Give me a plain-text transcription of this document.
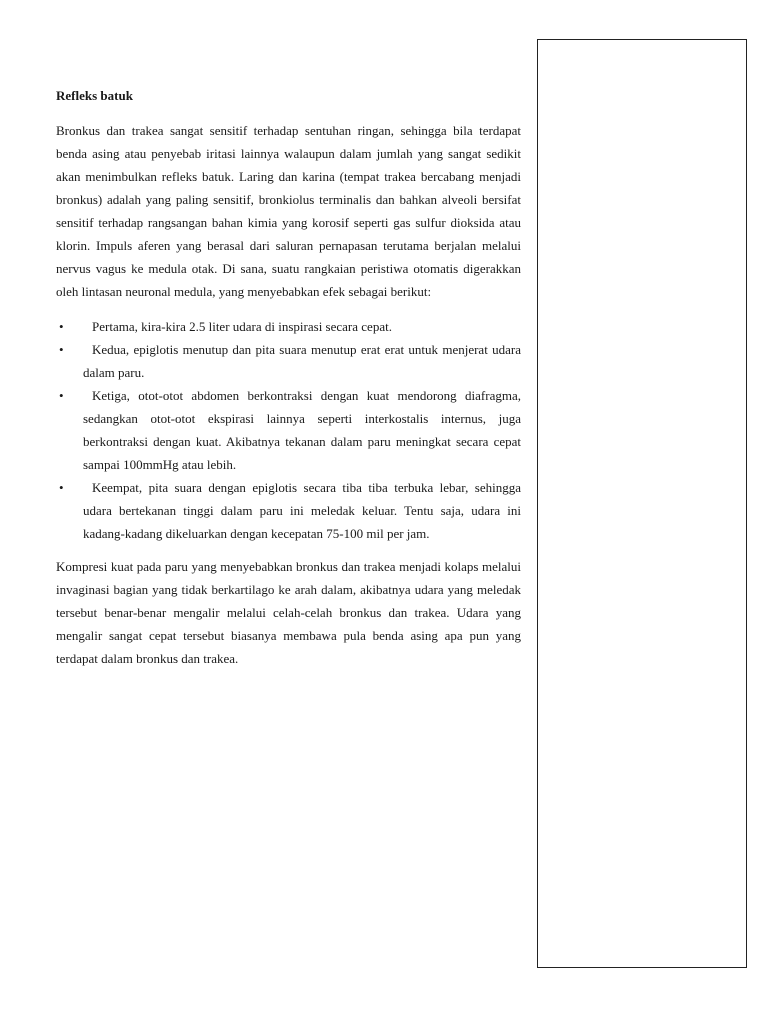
Refleks batuk

Bronkus dan trakea sangat sensitif terhadap sentuhan ringan, sehingga bila terdapat benda asing atau penyebab iritasi lainnya walaupun dalam jumlah yang sangat sedikit akan menimbulkan refleks batuk. Laring dan karina (tempat trakea bercabang menjadi bronkus) adalah yang paling sensitif, bronkiolus terminalis dan bahkan alveoli bersifat sensitif terhadap rangsangan bahan kimia yang korosif seperti gas sulfur dioksida atau klorin. Impuls aferen yang berasal dari saluran pernapasan terutama berjalan melalui nervus vagus ke medula otak. Di sana, suatu rangkaian peristiwa otomatis digerakkan oleh lintasan neuronal medula, yang menyebabkan efek sebagai berikut:

•	Pertama, kira-kira 2.5 liter udara di inspirasi secara cepat.
•	Kedua, epiglotis menutup dan pita suara menutup erat erat untuk menjerat udara dalam paru.
•	Ketiga, otot-otot abdomen berkontraksi dengan kuat mendorong diafragma, sedangkan otot-otot ekspirasi lainnya seperti interkostalis internus, juga berkontraksi dengan kuat. Akibatnya tekanan dalam paru meningkat secara cepat sampai 100mmHg atau lebih.
•	Keempat, pita suara dengan epiglotis secara tiba tiba terbuka lebar, sehingga udara bertekanan tinggi dalam paru ini meledak keluar. Tentu saja, udara ini kadang-kadang dikeluarkan dengan kecepatan 75-100 mil per jam.

Kompresi kuat pada paru yang menyebabkan bronkus dan trakea menjadi kolaps melalui invaginasi bagian yang tidak berkartilago ke arah dalam, akibatnya udara yang meledak tersebut benar-benar mengalir melalui celah-celah bronkus dan trakea. Udara yang mengalir sangat cepat tersebut biasanya membawa pula benda asing apa pun yang terdapat dalam bronkus dan trakea.
